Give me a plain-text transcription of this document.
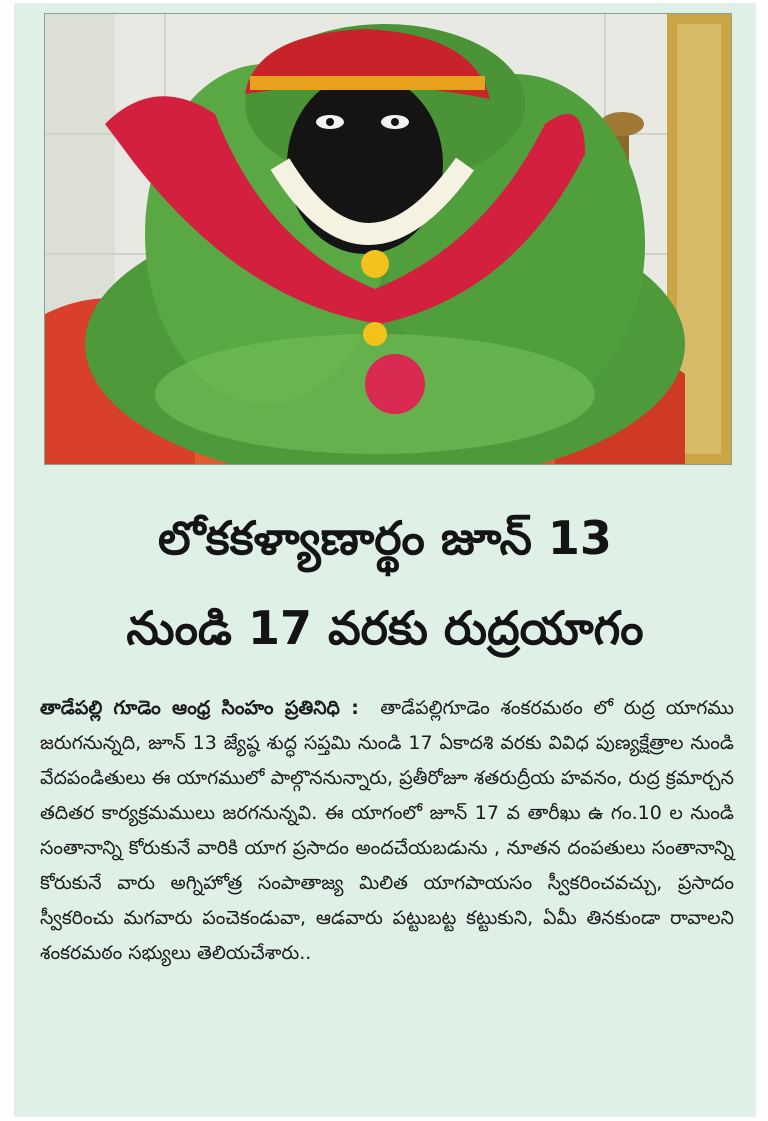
లోకకళ్యాణార్థం జూన్ 13
నుండి 17 వరకు రుద్రయాగం

తాడేపల్లి గూడెం ఆంధ్ర సింహం ప్రతినిధి : తాడేపల్లిగూడెం శంకరమఠం లో రుద్ర యాగము జరుగనున్నది, జూన్ 13 జ్యేష్ఠ శుద్ధ సప్తమి నుండి 17 ఏకాదశి వరకు వివిధ పుణ్యక్షేత్రాల నుండి వేదపండితులు ఈ యాగములో పాల్గొననున్నారు, ప్రతీరోజూ శతరుద్రీయ హవనం, రుద్ర క్రమార్చన తదితర కార్యక్రమములు జరగనున్నవి. ఈ యాగంలో జూన్ 17 వ తారీఖు ఉ గం.10 ల నుండి సంతానాన్ని కోరుకునే వారికి యాగ ప్రసాదం అందచేయబడును , నూతన దంపతులు సంతానాన్ని కోరుకునే వారు అగ్నిహోత్ర సంపాతాజ్య మిలిత యాగపాయసం స్వీకరించవచ్చు, ప్రసాదం స్వీకరించు మగవారు పంచెకండువా, ఆడవారు పట్టుబట్ట కట్టుకుని, ఏమీ తినకుండా రావాలని శంకరమఠం సభ్యులు తెలియచేశారు..
